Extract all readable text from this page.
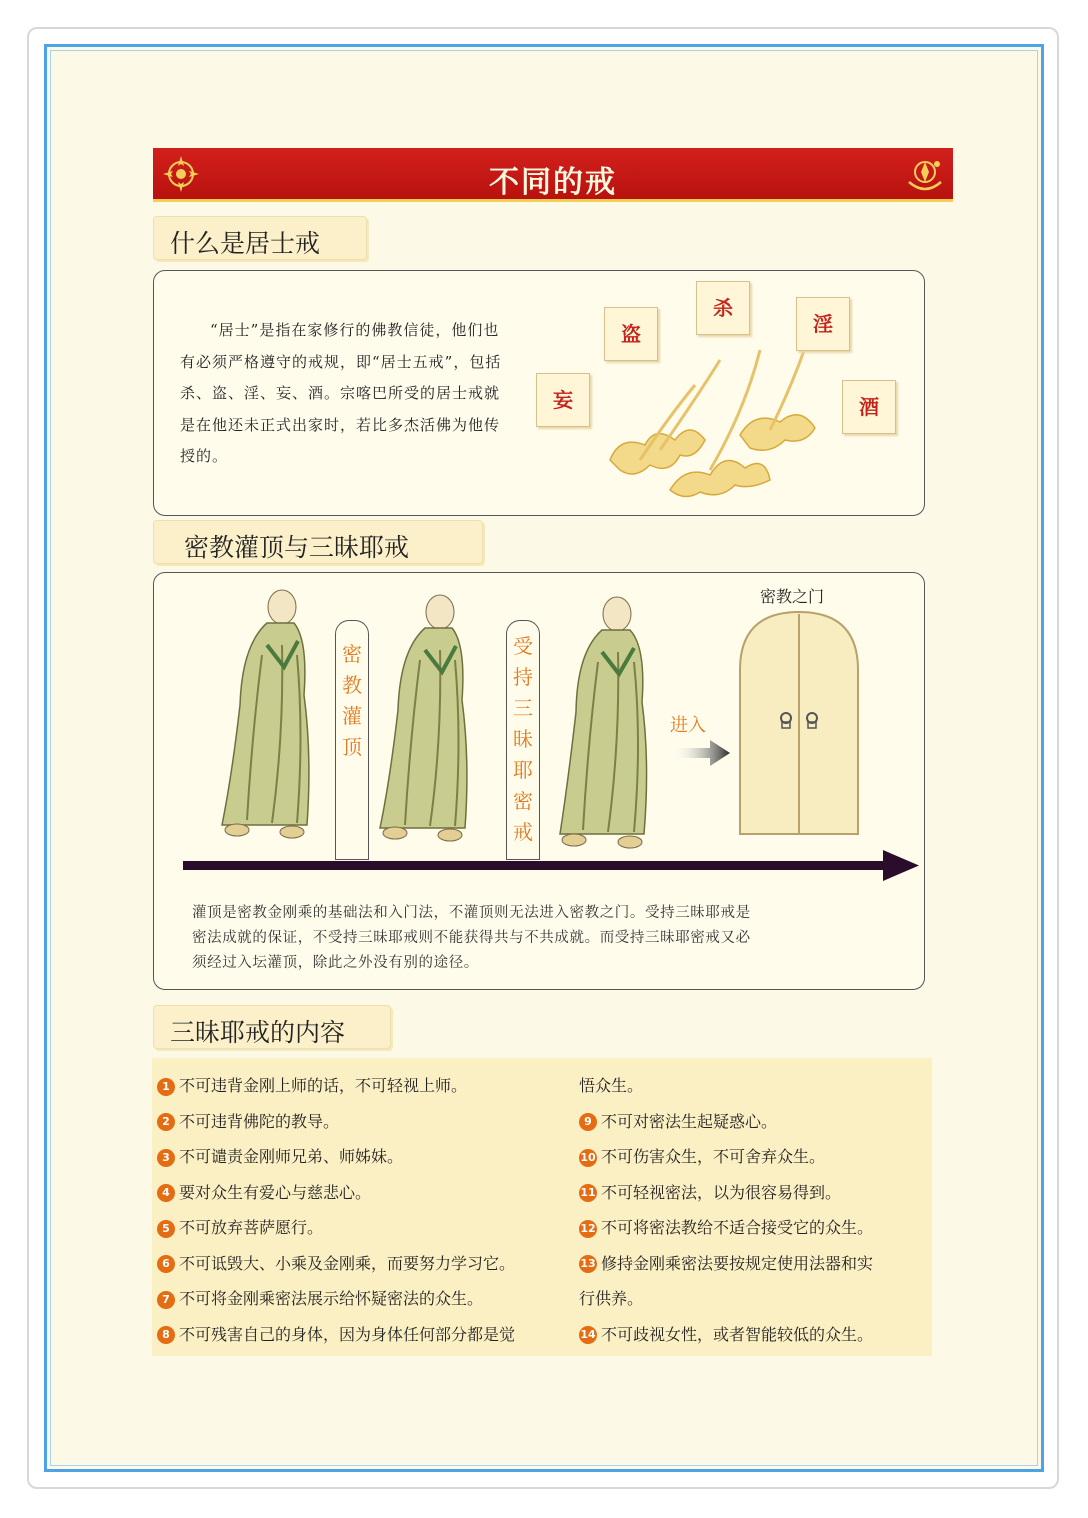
不同的戒
什么是居士戒
“居士”是指在家修行的佛教信徒，他们也有必须严格遵守的戒规，即“居士五戒”，包括杀、盗、淫、妄、酒。宗喀巴所受的居士戒就是在他还未正式出家时，若比多杰活佛为他传授的。
杀
盗	淫
妄	酒
密教灌顶与三昧耶戒
密教灌顶
受持三昧耶密戒
密教之门
进入
灌顶是密教金刚乘的基础法和入门法，不灌顶则无法进入密教之门。受持三昧耶戒是
密法成就的保证，不受持三昧耶戒则不能获得共与不共成就。而受持三昧耶密戒又必
须经过入坛灌顶，除此之外没有别的途径。
三昧耶戒的内容
1 不可违背金刚上师的话，不可轻视上师。
2 不可违背佛陀的教导。
3 不可谴责金刚师兄弟、师姊妹。
4 要对众生有爱心与慈悲心。
5 不可放弃菩萨愿行。
6 不可诋毁大、小乘及金刚乘，而要努力学习它。
7 不可将金刚乘密法展示给怀疑密法的众生。
8 不可残害自己的身体，因为身体任何部分都是觉
悟众生。
9 不可对密法生起疑惑心。
10 不可伤害众生，不可舍弃众生。
11 不可轻视密法，以为很容易得到。
12 不可将密法教给不适合接受它的众生。
13 修持金刚乘密法要按规定使用法器和实
行供养。
14 不可歧视女性，或者智能较低的众生。
